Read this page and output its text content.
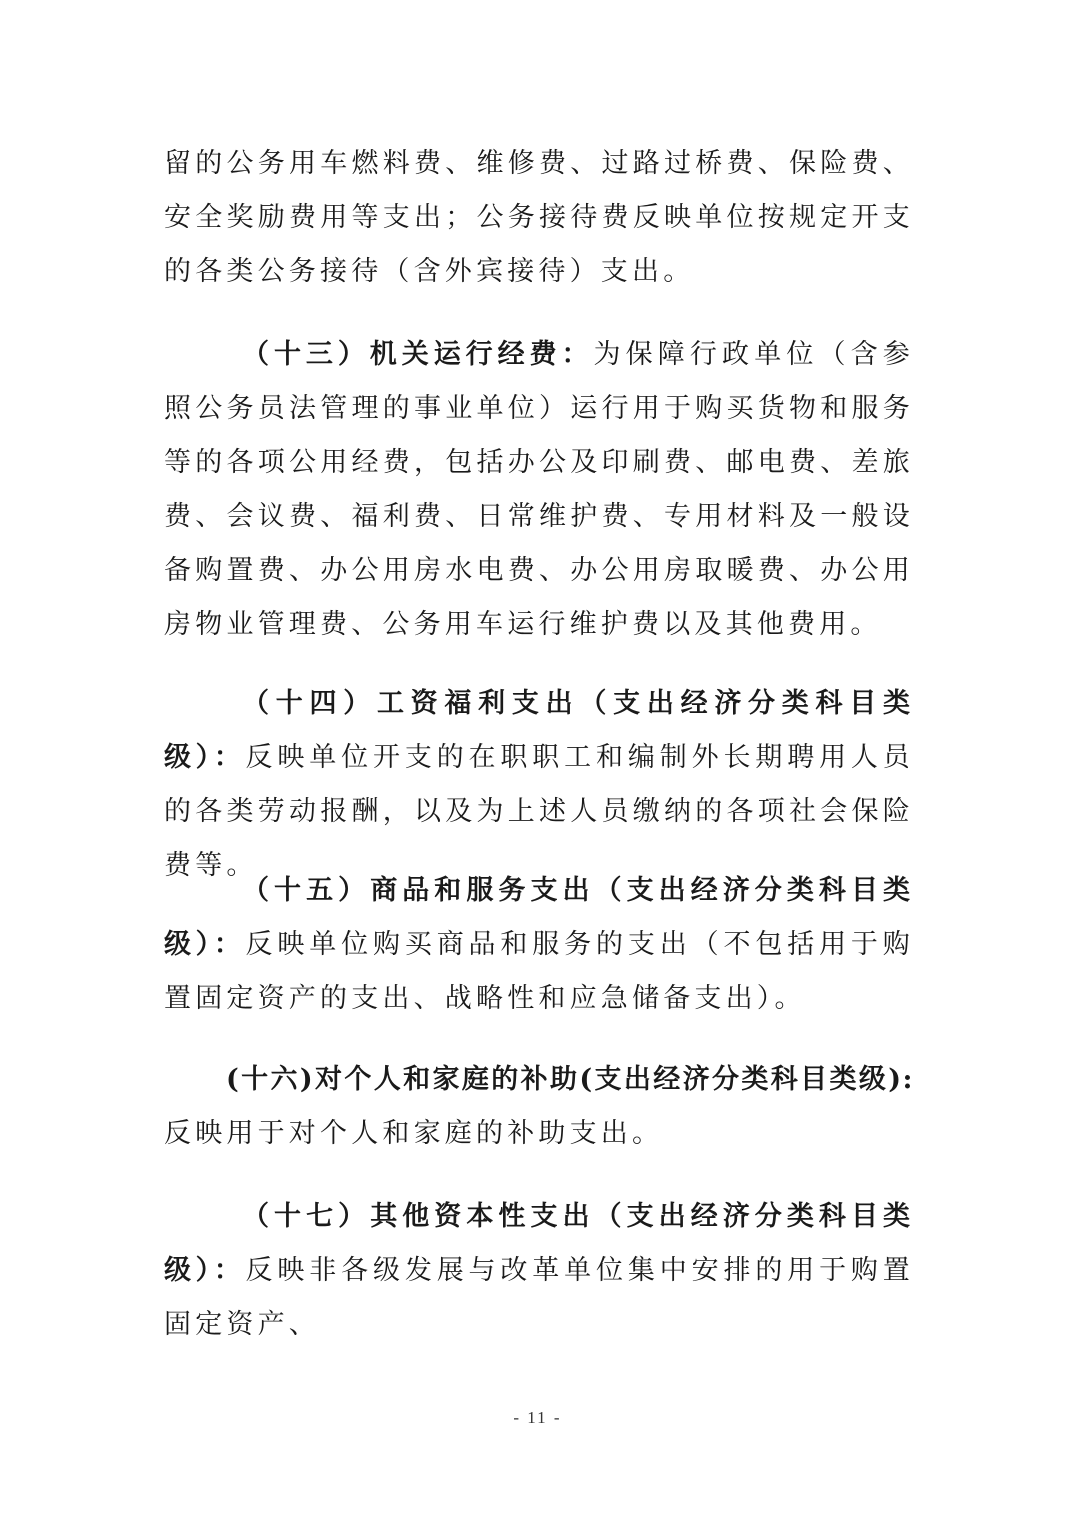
留的公务用车燃料费、维修费、过路过桥费、保险费、安全奖励费用等支出；公务接待费反映单位按规定开支的各类公务接待（含外宾接待）支出。

（十三）机关运行经费：为保障行政单位（含参照公务员法管理的事业单位）运行用于购买货物和服务等的各项公用经费，包括办公及印刷费、邮电费、差旅费、会议费、福利费、日常维护费、专用材料及一般设备购置费、办公用房水电费、办公用房取暖费、办公用房物业管理费、公务用车运行维护费以及其他费用。

（十四）工资福利支出（支出经济分类科目类级）：反映单位开支的在职职工和编制外长期聘用人员的各类劳动报酬，以及为上述人员缴纳的各项社会保险费等。

（十五）商品和服务支出（支出经济分类科目类级）：反映单位购买商品和服务的支出（不包括用于购置固定资产的支出、战略性和应急储备支出）。

(十六)对个人和家庭的补助(支出经济分类科目类级):反映用于对个人和家庭的补助支出。

（十七）其他资本性支出（支出经济分类科目类级）：反映非各级发展与改革单位集中安排的用于购置固定资产、

- 11 -
